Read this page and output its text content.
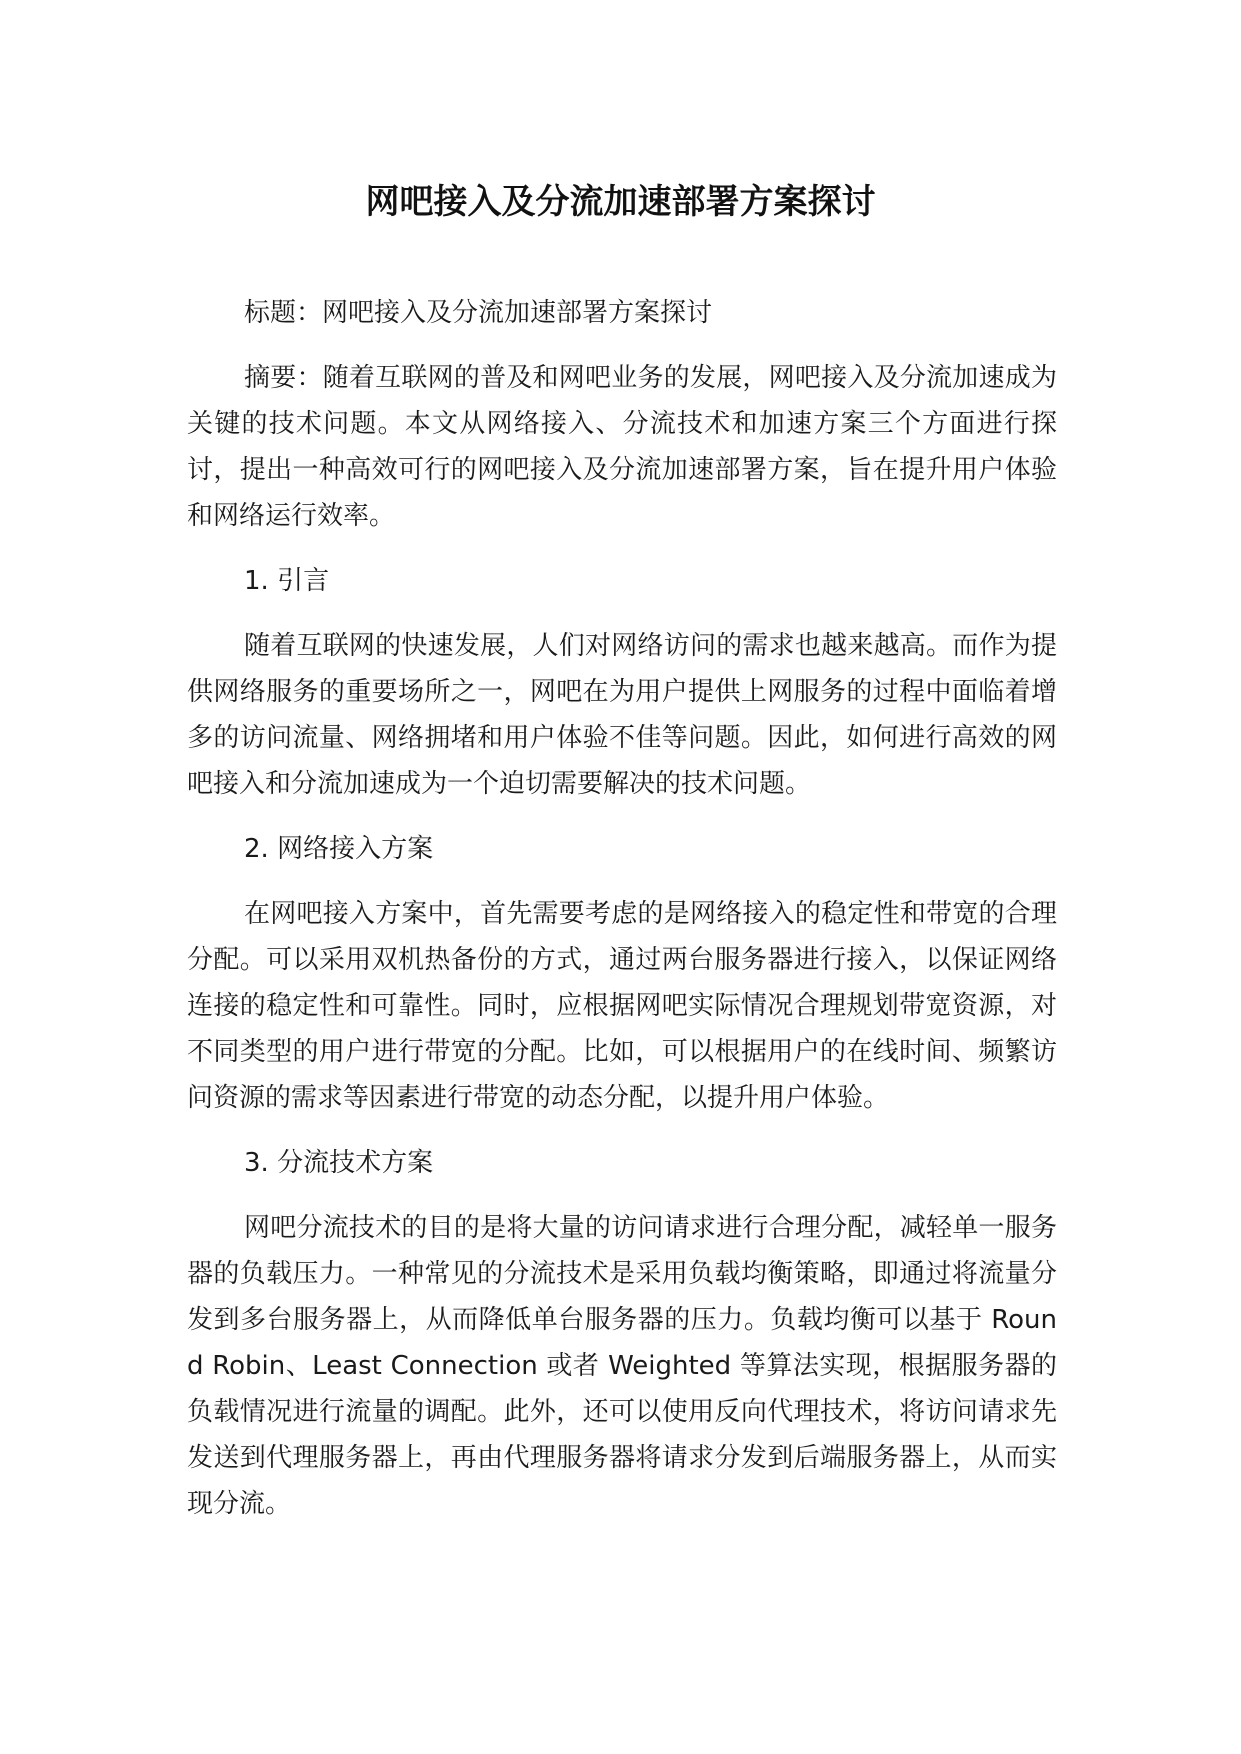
网吧接入及分流加速部署方案探讨

标题：网吧接入及分流加速部署方案探讨

摘要：随着互联网的普及和网吧业务的发展，网吧接入及分流加速成为关键的技术问题。本文从网络接入、分流技术和加速方案三个方面进行探讨，提出一种高效可行的网吧接入及分流加速部署方案，旨在提升用户体验和网络运行效率。

1. 引言

随着互联网的快速发展，人们对网络访问的需求也越来越高。而作为提供网络服务的重要场所之一，网吧在为用户提供上网服务的过程中面临着增多的访问流量、网络拥堵和用户体验不佳等问题。因此，如何进行高效的网吧接入和分流加速成为一个迫切需要解决的技术问题。

2. 网络接入方案

在网吧接入方案中，首先需要考虑的是网络接入的稳定性和带宽的合理分配。可以采用双机热备份的方式，通过两台服务器进行接入，以保证网络连接的稳定性和可靠性。同时，应根据网吧实际情况合理规划带宽资源，对不同类型的用户进行带宽的分配。比如，可以根据用户的在线时间、频繁访问资源的需求等因素进行带宽的动态分配，以提升用户体验。

3. 分流技术方案

网吧分流技术的目的是将大量的访问请求进行合理分配，减轻单一服务器的负载压力。一种常见的分流技术是采用负载均衡策略，即通过将流量分发到多台服务器上，从而降低单台服务器的压力。负载均衡可以基于 Round Robin、Least Connection 或者 Weighted 等算法实现，根据服务器的负载情况进行流量的调配。此外，还可以使用反向代理技术，将访问请求先发送到代理服务器上，再由代理服务器将请求分发到后端服务器上，从而实现分流。
